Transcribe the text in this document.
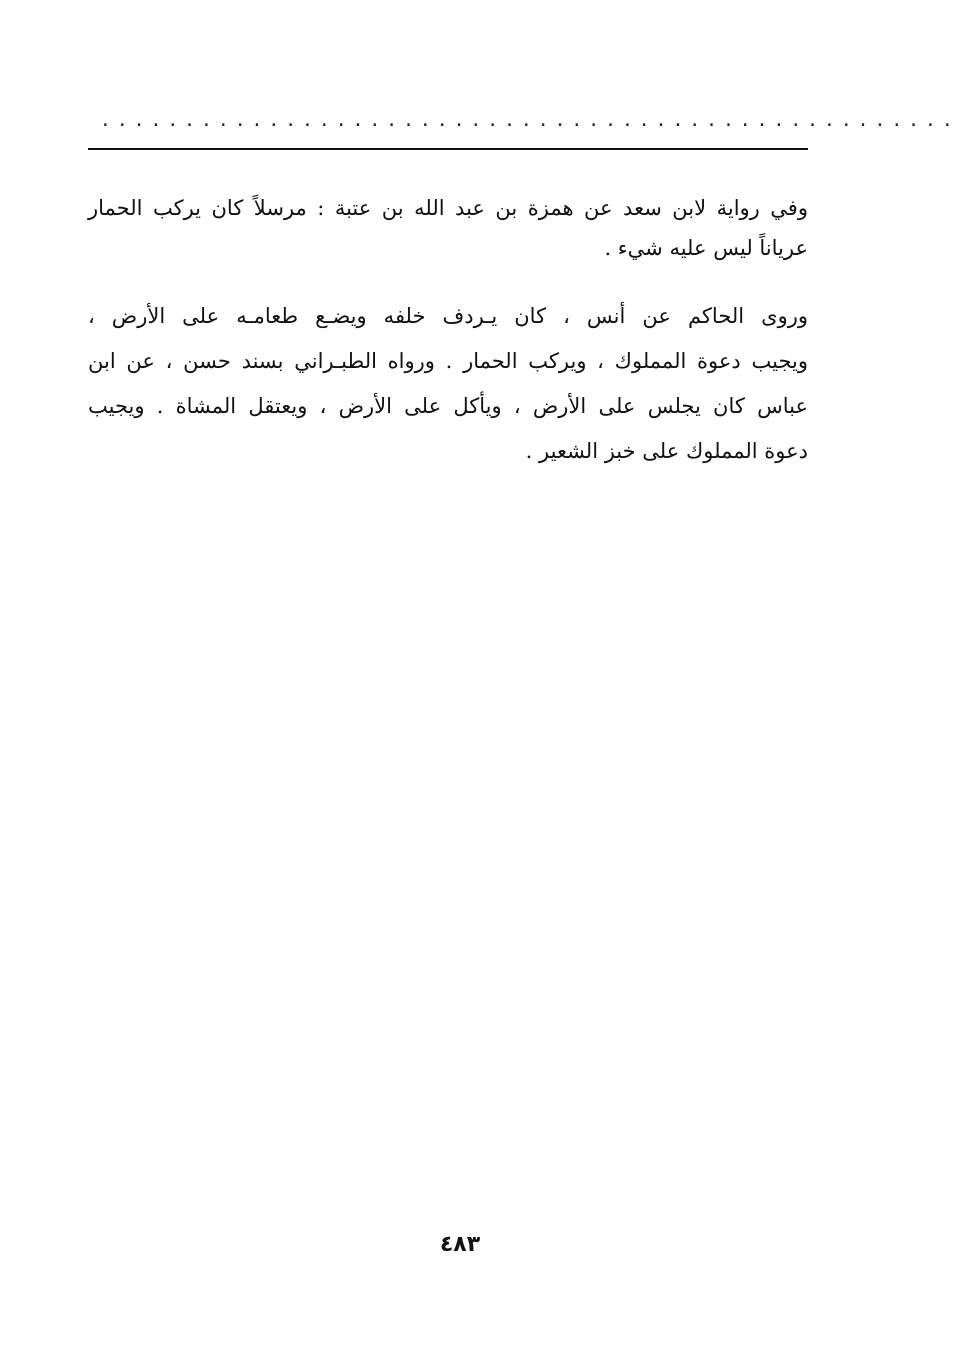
...................................................

وفي رواية لابن سعد عن همزة بن عبد الله بن عتبة : مرسلاً كان يركب الحمار
عرياناً ليس عليه شيء .

وروى الحاكم عن أنس ، كان يـردف خلفه ويضـع طعامـه على الأرض ،
ويجيب دعوة المملوك ، ويركب الحمار . ورواه الطبـراني بسند حسن ، عن ابن
عباس كان يجلس على الأرض ، ويأكل على الأرض ، ويعتقل المشاة . ويجيب
دعوة المملوك على خبز الشعير .

٤٨٣
